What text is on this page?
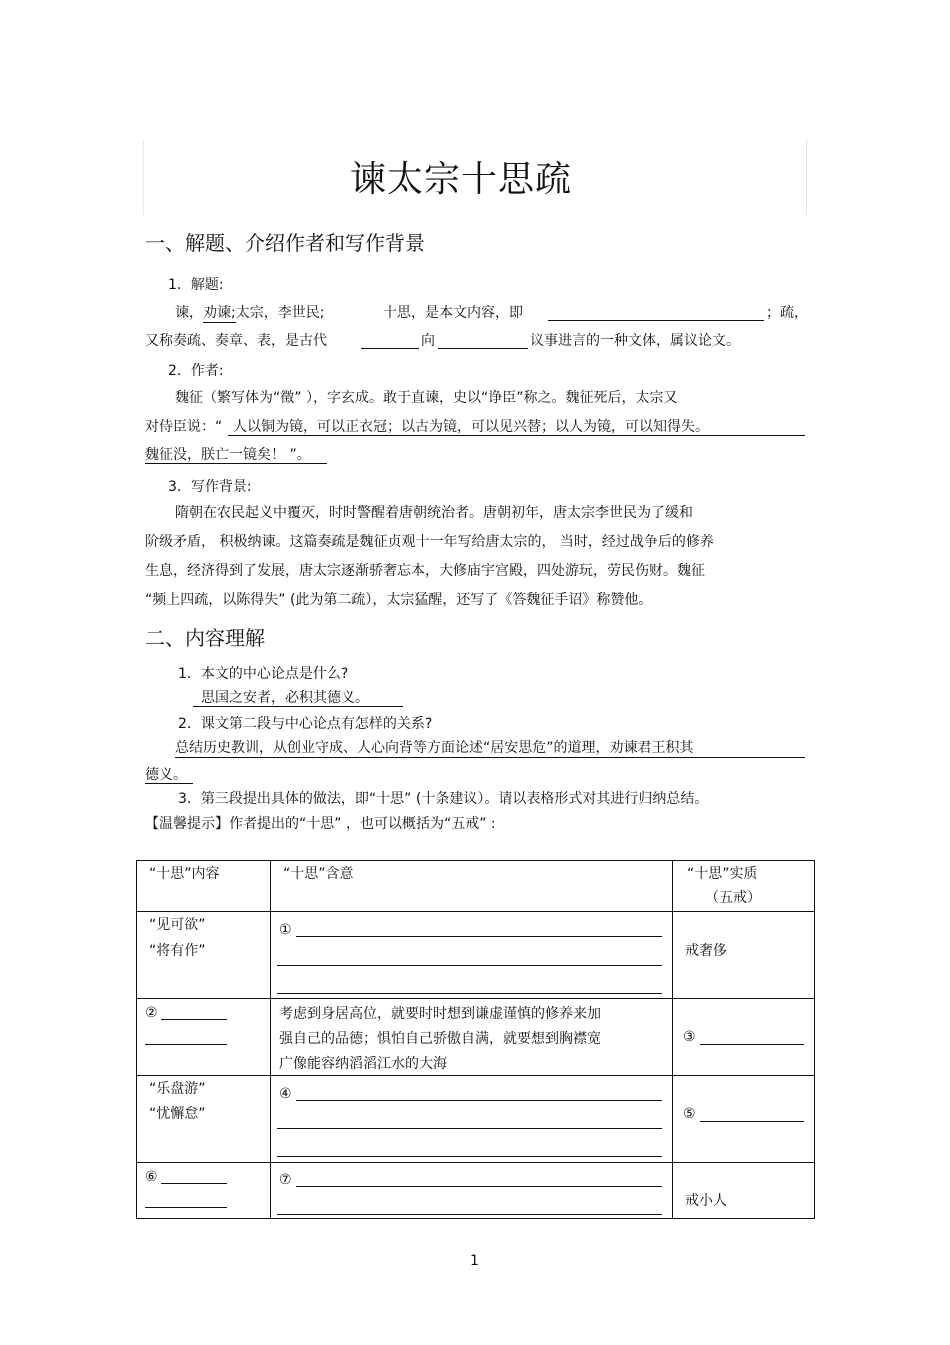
谏太宗十思疏
一、解题、介绍作者和写作背景
1．解题:
谏，劝谏;太宗，李世民;	十思，是本文内容，即	；疏，
又称奏疏、奏章、表，是古代	向	议事进言的一种文体，属议论文。
2．作者:
魏征（繁写体为“徵” ），字玄成。敢于直谏，史以“诤臣”称之。魏征死后，太宗又
对侍臣说：“ 人以铜为镜，可以正衣冠；以古为镜，可以见兴替；以人为镜，可以知得失。
魏征没，朕亡一镜矣！ ”。
3．写作背景:
隋朝在农民起义中覆灭，时时警醒着唐朝统治者。唐朝初年，唐太宗李世民为了缓和
阶级矛盾， 积极纳谏。这篇奏疏是魏征贞观十一年写给唐太宗的， 当时，经过战争后的修养
生息，经济得到了发展，唐太宗逐渐骄奢忘本，大修庙宇宫殿，四处游玩，劳民伤财。魏征
“频上四疏，以陈得失” (此为第二疏），太宗猛醒，还写了《答魏征手诏》称赞他。
二、内容理解
1．本文的中心论点是什么?
思国之安者，必积其德义。
2．课文第二段与中心论点有怎样的关系?
总结历史教训，从创业守成、人心向背等方面论述“居安思危”的道理，劝谏君王积其
德义。
3．第三段提出具体的做法，即“十思” (十条建议）。请以表格形式对其进行归纳总结。
【温馨提示】作者提出的“十思” ，也可以概括为“五戒” :
“十思”内容	“十思”含意	“十思”实质
（五戒）

“见可欲”
“将有作”	①	戒奢侈

②	考虑到身居高位，就要时时想到谦虚谨慎的修养来加
强自己的品德；惧怕自己骄傲自满，就要想到胸襟宽
广像能容纳滔滔江水的大海	③

“乐盘游”
“忧懈怠”	④	⑤

⑥	⑦	戒小人
1
